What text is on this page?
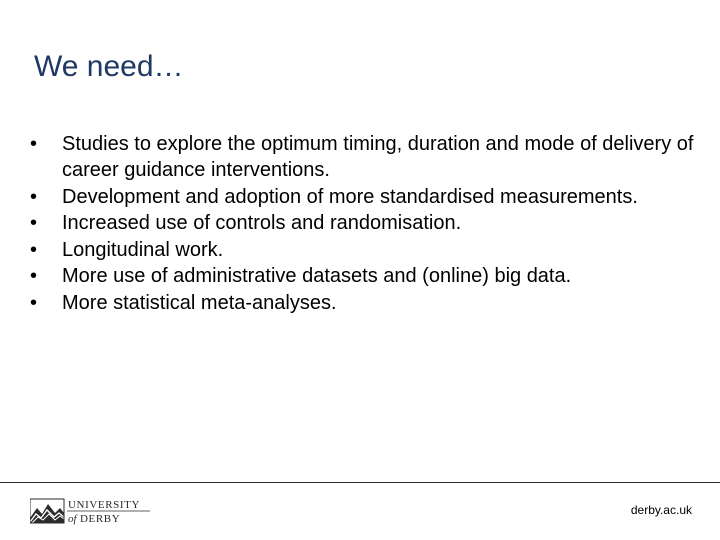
We need…
•	Studies to explore the optimum timing, duration and mode of delivery of career guidance interventions.
•	Development and adoption of more standardised measurements.
•	Increased use of controls and randomisation.
•	Longitudinal work.
•	More use of administrative datasets and (online) big data.
•	More statistical meta-analyses.
UNIVERSITY
of DERBY
derby.ac.uk
